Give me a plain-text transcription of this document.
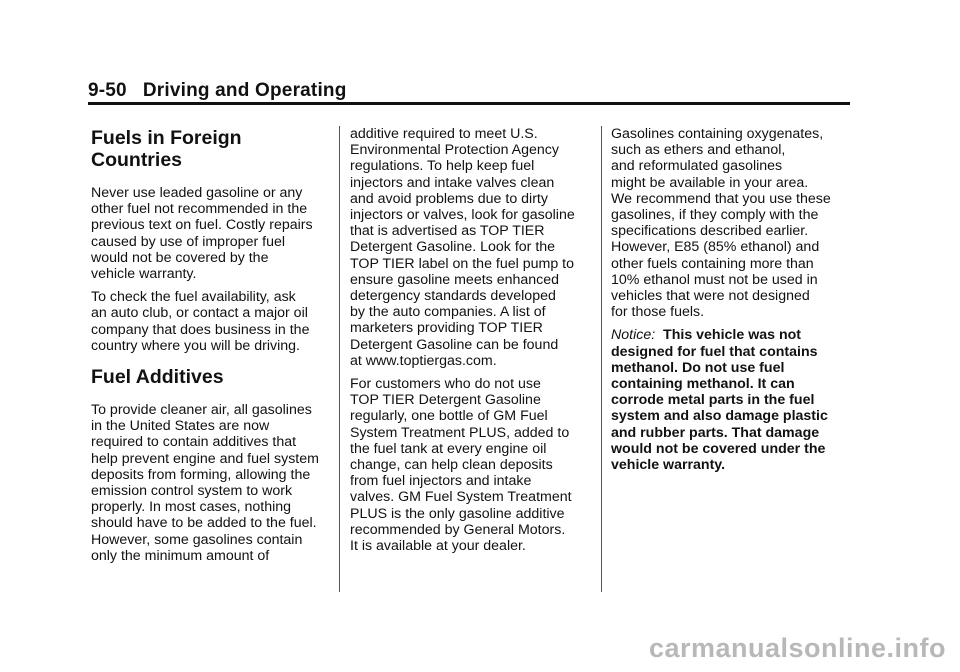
9-50 Driving and Operating
Fuels in Foreign
Countries

Never use leaded gasoline or any
other fuel not recommended in the
previous text on fuel. Costly repairs
caused by use of improper fuel
would not be covered by the
vehicle warranty.

To check the fuel availability, ask
an auto club, or contact a major oil
company that does business in the
country where you will be driving.

Fuel Additives

To provide cleaner air, all gasolines
in the United States are now
required to contain additives that
help prevent engine and fuel system
deposits from forming, allowing the
emission control system to work
properly. In most cases, nothing
should have to be added to the fuel.
However, some gasolines contain
only the minimum amount of

additive required to meet U.S.
Environmental Protection Agency
regulations. To help keep fuel
injectors and intake valves clean
and avoid problems due to dirty
injectors or valves, look for gasoline
that is advertised as TOP TIER
Detergent Gasoline. Look for the
TOP TIER label on the fuel pump to
ensure gasoline meets enhanced
detergency standards developed
by the auto companies. A list of
marketers providing TOP TIER
Detergent Gasoline can be found
at www.toptiergas.com.

For customers who do not use
TOP TIER Detergent Gasoline
regularly, one bottle of GM Fuel
System Treatment PLUS, added to
the fuel tank at every engine oil
change, can help clean deposits
from fuel injectors and intake
valves. GM Fuel System Treatment
PLUS is the only gasoline additive
recommended by General Motors.
It is available at your dealer.

Gasolines containing oxygenates,
such as ethers and ethanol,
and reformulated gasolines
might be available in your area.
We recommend that you use these
gasolines, if they comply with the
specifications described earlier.
However, E85 (85% ethanol) and
other fuels containing more than
10% ethanol must not be used in
vehicles that were not designed
for those fuels.

Notice: This vehicle was not
designed for fuel that contains
methanol. Do not use fuel
containing methanol. It can
corrode metal parts in the fuel
system and also damage plastic
and rubber parts. That damage
would not be covered under the
vehicle warranty.

carmanualsonline.info
